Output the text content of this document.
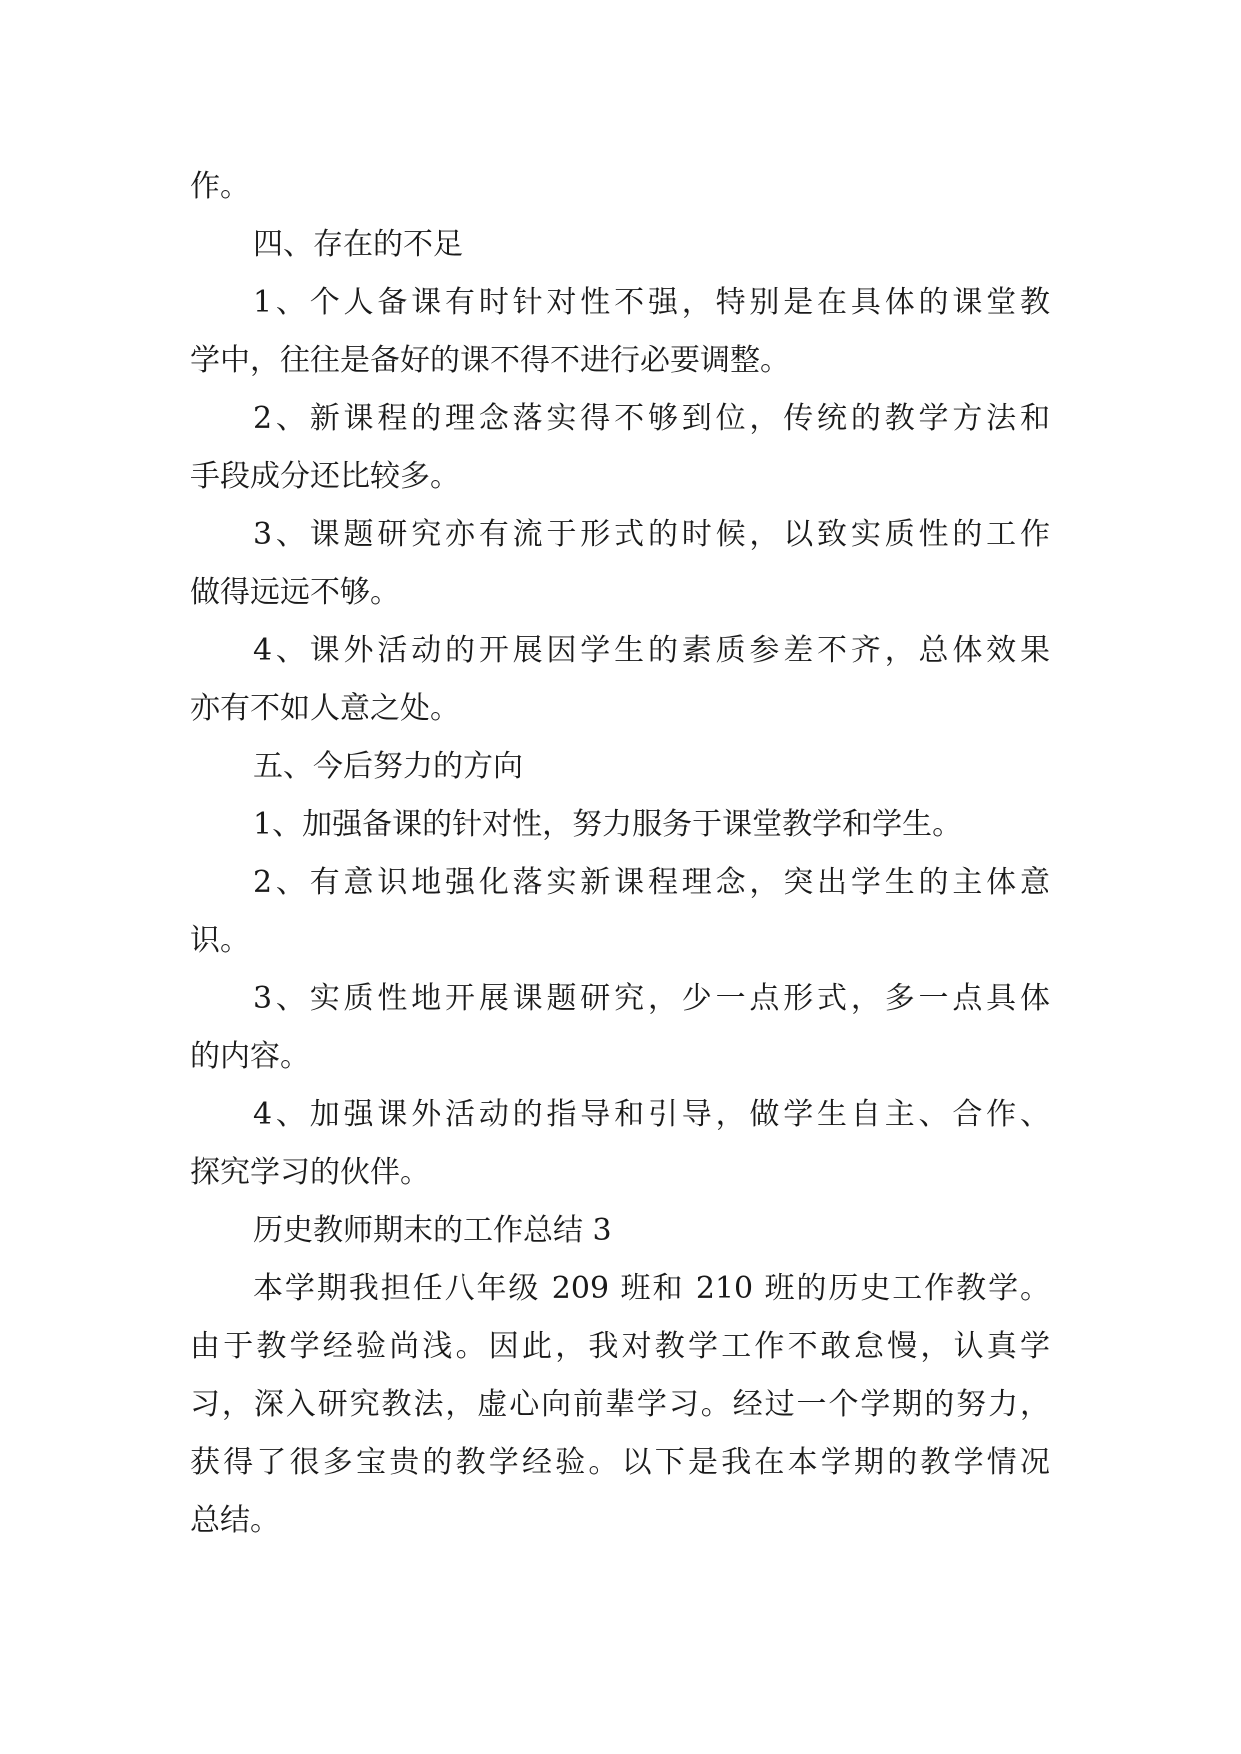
作。
四、存在的不足
1、个人备课有时针对性不强，特别是在具体的课堂教
学中，往往是备好的课不得不进行必要调整。
2、新课程的理念落实得不够到位，传统的教学方法和
手段成分还比较多。
3、课题研究亦有流于形式的时候，以致实质性的工作
做得远远不够。
4、课外活动的开展因学生的素质参差不齐，总体效果
亦有不如人意之处。
五、今后努力的方向
1、加强备课的针对性，努力服务于课堂教学和学生。
2、有意识地强化落实新课程理念，突出学生的主体意
识。
3、实质性地开展课题研究，少一点形式，多一点具体
的内容。
4、加强课外活动的指导和引导，做学生自主、合作、
探究学习的伙伴。
历史教师期末的工作总结 3
本学期我担任八年级 209 班和 210 班的历史工作教学。
由于教学经验尚浅。因此，我对教学工作不敢怠慢，认真学
习，深入研究教法，虚心向前辈学习。经过一个学期的努力，
获得了很多宝贵的教学经验。以下是我在本学期的教学情况
总结。
